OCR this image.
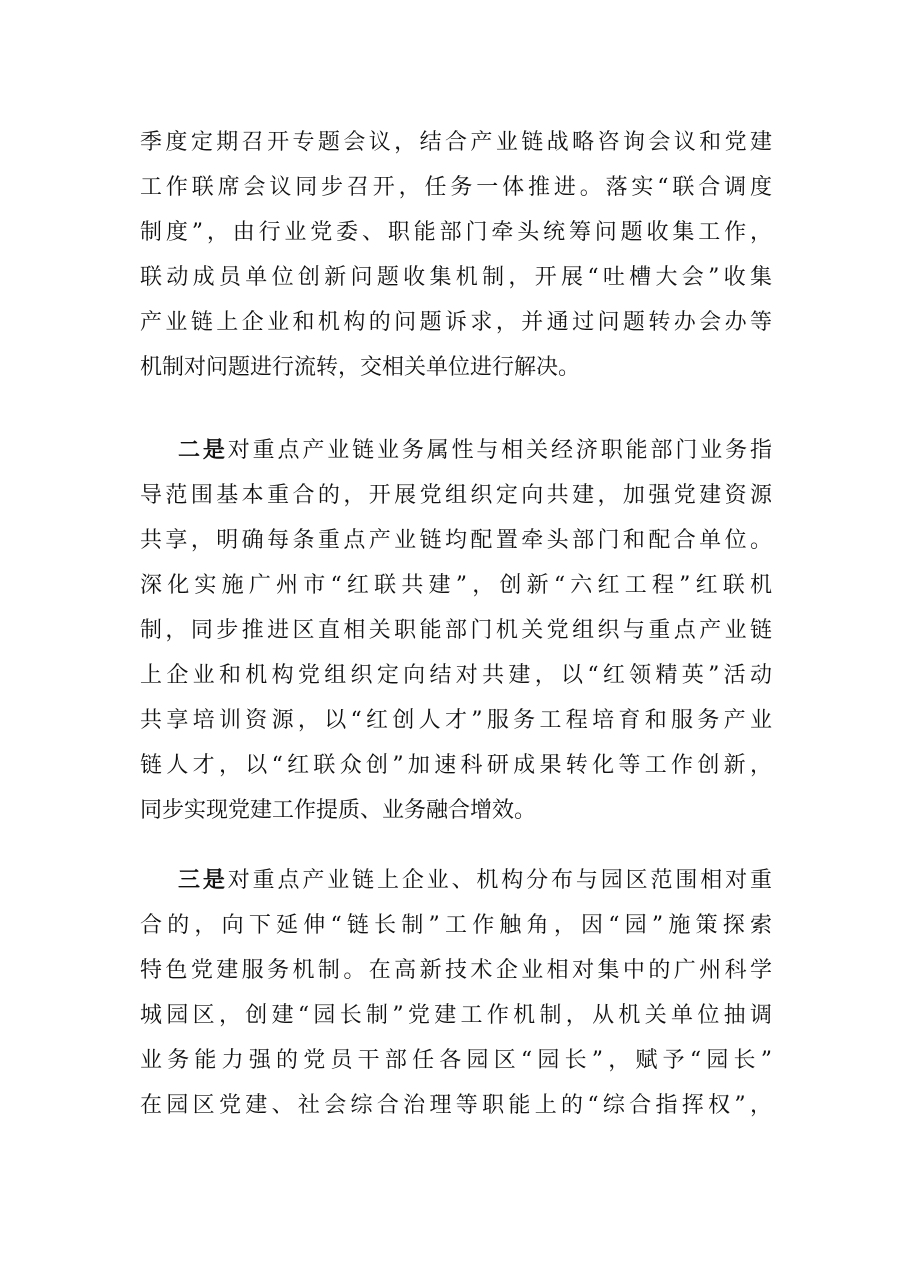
季度定期召开专题会议，结合产业链战略咨询会议和党建
工作联席会议同步召开，任务一体推进。落实“联合调度
制度”，由行业党委、职能部门牵头统筹问题收集工作，
联动成员单位创新问题收集机制，开展“吐槽大会”收集
产业链上企业和机构的问题诉求，并通过问题转办会办等
机制对问题进行流转，交相关单位进行解决。
二是对重点产业链业务属性与相关经济职能部门业务指
导范围基本重合的，开展党组织定向共建，加强党建资源
共享，明确每条重点产业链均配置牵头部门和配合单位。
深化实施广州市“红联共建”，创新“六红工程”红联机
制，同步推进区直相关职能部门机关党组织与重点产业链
上企业和机构党组织定向结对共建，以“红领精英”活动
共享培训资源，以“红创人才”服务工程培育和服务产业
链人才，以“红联众创”加速科研成果转化等工作创新，
同步实现党建工作提质、业务融合增效。
三是对重点产业链上企业、机构分布与园区范围相对重
合的，向下延伸“链长制”工作触角，因“园”施策探索
特色党建服务机制。在高新技术企业相对集中的广州科学
城园区，创建“园长制”党建工作机制，从机关单位抽调
业务能力强的党员干部任各园区“园长”，赋予“园长”
在园区党建、社会综合治理等职能上的“综合指挥权”，
